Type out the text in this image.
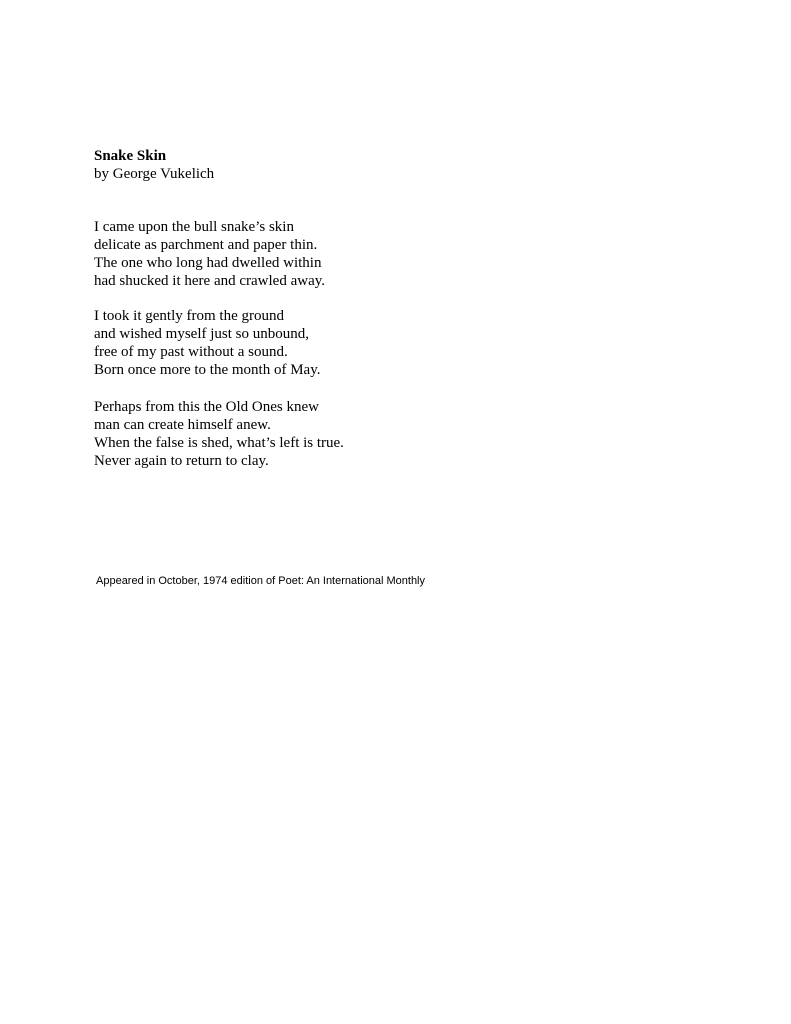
Snake Skin
by George Vukelich
I came upon the bull snake’s skin
delicate as parchment and paper thin.
The one who long had dwelled within
had shucked it here and crawled away.
I took it gently from the ground
and wished myself just so unbound,
free of my past without a sound.
Born once more to the month of May.
Perhaps from this the Old Ones knew
man can create himself anew.
When the false is shed, what’s left is true.
Never again to return to clay.
Appeared in October, 1974 edition of Poet: An International Monthly
